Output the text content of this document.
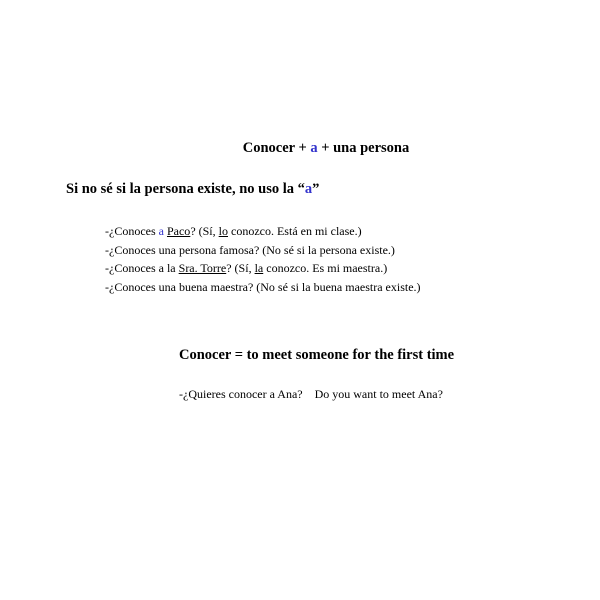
Conocer + a + una persona
Si no sé si la persona existe, no uso la “a”
-¿Conoces a Paco? (Sí, lo conozco. Está en mi clase.)
-¿Conoces una persona famosa? (No sé si la persona existe.)
-¿Conoces a la Sra. Torre? (Sí, la conozco. Es mi maestra.)
-¿Conoces una buena maestra? (No sé si la buena maestra existe.)
Conocer = to meet someone for the first time
-¿Quieres conocer a Ana?    Do you want to meet Ana?
